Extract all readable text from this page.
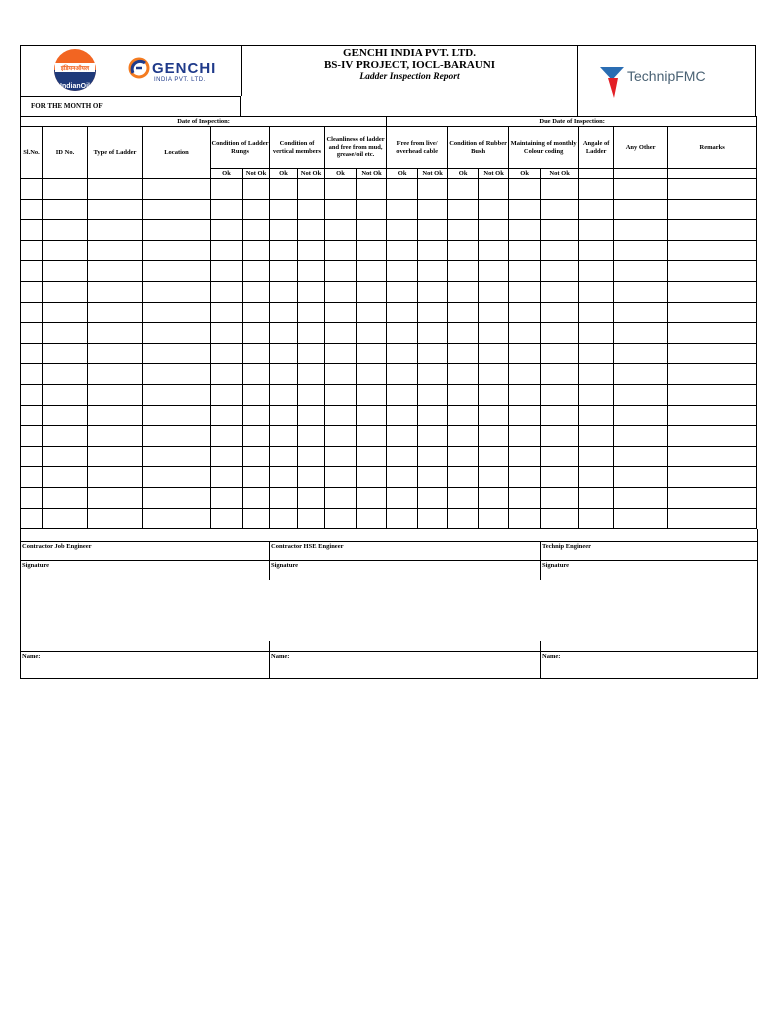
इंडियनऑयल
IndianOil
GENCHI
INDIA PVT. LTD.
FOR THE MONTH OF
GENCHI INDIA PVT. LTD.
BS-IV PROJECT, IOCL-BARAUNI
Ladder Inspection Report	TechnipFMC
Date of Inspection:										Due Date of Inspection:								
Sl.No.	ID No.	Type of Ladder	Location	Condition of Ladder Rungs		Condition of vertical members		Cleanliness of ladder and free from mud, grease/oil etc.		Free from live/ overhead cable		Condition of Rubber Bush		Maintaining of monthly Colour coding		Angale of Ladder	Any Other	Remarks
				Ok	Not Ok	Ok	Not Ok	Ok	Not Ok	Ok	Not Ok	Ok	Not Ok	Ok	Not Ok			

Contractor Job Engineer	Contractor HSE Engineer	Technip Engineer
Signature	Signature	Signature
Name:	Name:	Name:
